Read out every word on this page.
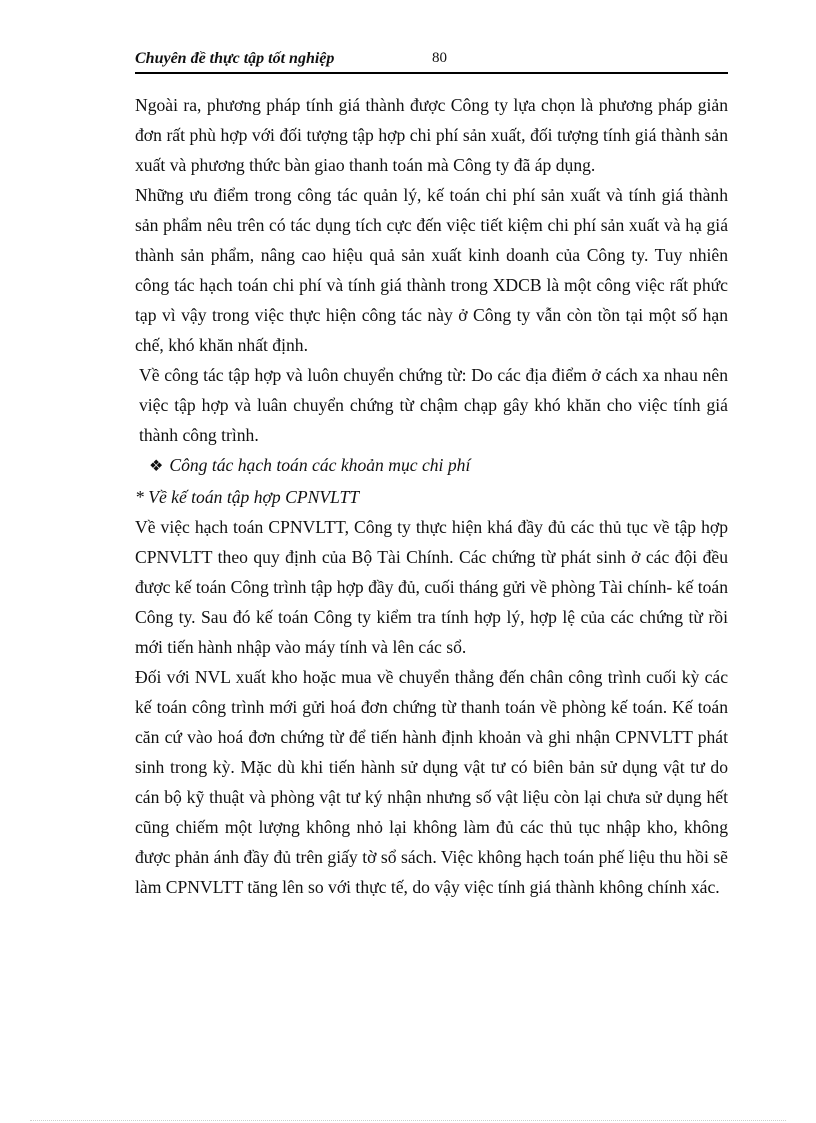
Chuyên đề thực tập tốt nghiệp	80

Ngoài ra, phương pháp tính giá thành được Công ty lựa chọn là phương pháp giản đơn rất phù hợp với đối tượng tập hợp chi phí sản xuất, đối tượng tính giá thành sản xuất và phương thức bàn giao thanh toán mà Công ty đã áp dụng.

Những ưu điểm trong công tác quản lý, kế toán chi phí sản xuất và tính giá thành sản phẩm nêu trên có tác dụng tích cực đến việc tiết kiệm chi phí sản xuất và hạ giá thành sản phẩm, nâng cao hiệu quả sản xuất kinh doanh của Công ty. Tuy nhiên công tác hạch toán chi phí và tính giá thành trong XDCB là một công việc rất phức tạp vì vậy trong việc thực hiện công tác này ở Công ty vẫn còn tồn tại một số hạn chế, khó khăn nhất định.

Về công tác tập hợp và luôn chuyển chứng từ: Do các địa điểm ở cách xa nhau nên việc tập hợp và luân chuyển chứng từ chậm chạp gây khó khăn cho việc tính giá thành công trình.

❖ Công tác hạch toán các khoản mục chi phí

* Về kế toán tập hợp CPNVLTT

Về việc hạch toán CPNVLTT, Công ty thực hiện khá đầy đủ các thủ tục về tập hợp CPNVLTT theo quy định của Bộ Tài Chính. Các chứng từ phát sinh ở các đội đều được kế toán Công trình tập hợp đầy đủ, cuối tháng gửi về phòng Tài chính- kế toán Công ty. Sau đó kế toán Công ty kiểm tra tính hợp lý, hợp lệ của các chứng từ rồi mới tiến hành nhập vào máy tính và lên các sổ.

Đối với NVL xuất kho hoặc mua về chuyển thẳng đến chân công trình cuối kỳ các kế toán công trình mới gửi hoá đơn chứng từ thanh toán về phòng kế toán. Kế toán căn cứ vào hoá đơn chứng từ để tiến hành định khoản và ghi nhận CPNVLTT phát sinh trong kỳ. Mặc dù khi tiến hành sử dụng vật tư có biên bản sử dụng vật tư do cán bộ kỹ thuật và phòng vật tư ký nhận nhưng số vật liệu còn lại chưa sử dụng hết cũng chiếm một lượng không nhỏ lại không làm đủ các thủ tục nhập kho, không được phản ánh đầy đủ trên giấy tờ sổ sách. Việc không hạch toán phế liệu thu hồi sẽ làm CPNVLTT tăng lên so với thực tế, do vậy việc tính giá thành không chính xác.
